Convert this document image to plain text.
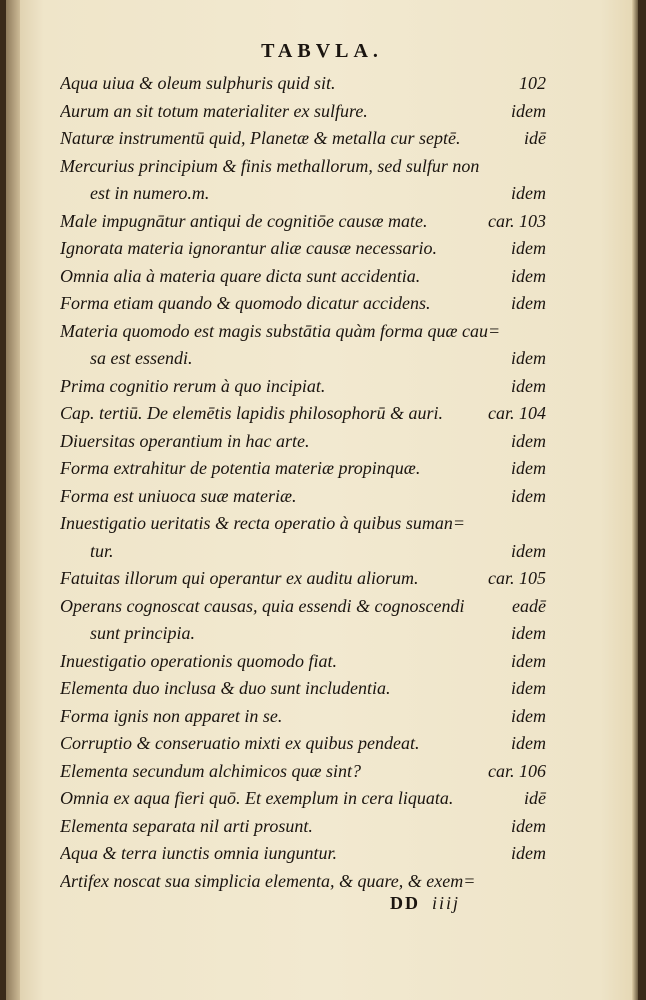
TABVLA.
Aqua uiua & oleum sulphuris quid sit.	102
Aurum an sit totum materialiter ex sulfure.	idem
Naturæ instrumentū quid, Planetæ & metalla cur septē.	idē
Mercurius principium & finis methallorum, sed sulfur non
est in numero.m.	idem
Male impugnātur antiqui de cognitiōe causæ mate.	car. 103
Ignorata materia ignorantur aliæ causæ necessario.	idem
Omnia alia à materia quare dicta sunt accidentia.	idem
Forma etiam quando & quomodo dicatur accidens.	idem
Materia quomodo est magis substātia quàm forma quæ cau=
sa est essendi.	idem
Prima cognitio rerum à quo incipiat.	idem
Cap. tertiū. De elemētis lapidis philosophorū & auri.	car. 104
Diuersitas operantium in hac arte.	idem
Forma extrahitur de potentia materiæ propinquæ.	idem
Forma est uniuoca suæ materiæ.	idem
Inuestigatio ueritatis & recta operatio à quibus suman=
tur.	idem
Fatuitas illorum qui operantur ex auditu aliorum.	car. 105
Operans cognoscat causas, quia essendi & cognoscendi	eadē
sunt principia.	idem
Inuestigatio operationis quomodo fiat.	idem
Elementa duo inclusa & duo sunt includentia.	idem
Forma ignis non apparet in se.	idem
Corruptio & conseruatio mixti ex quibus pendeat.	idem
Elementa secundum alchimicos quæ sint?	car. 106
Omnia ex aqua fieri quō. Et exemplum in cera liquata.	idē
Elementa separata nil arti prosunt.	idem
Aqua & terra iunctis omnia iunguntur.	idem
Artifex noscat sua simplicia elementa, & quare, & exem=
DD iiij
